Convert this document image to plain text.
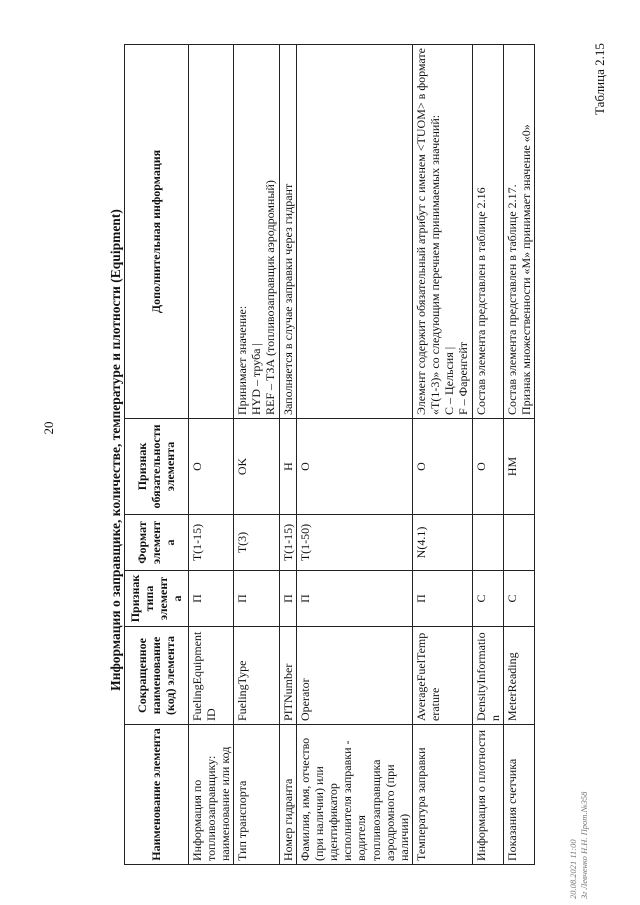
20
Таблица 2.15
Информация о заправщике, количестве, температуре и плотности (Equipment)
Наименование элемента	Сокращенное наименование (код) элемента	Признак типа элемента	Формат элемента	Признак обязательности элемента	Дополнительная информация
Информация по топливозаправщику: наименование или код	FuelingEquipmentID	П	T(1-15)	O	

Тип транспорта	FuelingType	П	T(3)	OK	Принимает значение: HYD – труба | REF – ТЗА (топливозаправщик аэродромный)

Номер гидранта	PITNumber	П	T(1-15)	H	Заполняется в случае заправки через гидрант

Фамилия, имя, отчество (при наличии) или идентификатор исполнителя заправки - водителя топливозаправщика аэродромного (при наличии)	Operator	П	T(1-50)	O	

Температура заправки	AverageFuelTemperature	П	N(4.1)	O	Элемент содержит обязательный атрибут с именем <TUOM> в формате «T(1-3)» со следующим перечнем принимаемых значений: C – Цельсия | F – Фаренгейт

Информация о плотности	DensityInformation	С		O	Состав элемента представлен в таблице 2.16

Показания счетчика	MeterReading	С		НМ	Состав элемента представлен в таблице 2.17. Признак множественности «M» принимает значение «0»
20.08.2021 11:00 Зг Левченко Н.Н. Прот.№358
